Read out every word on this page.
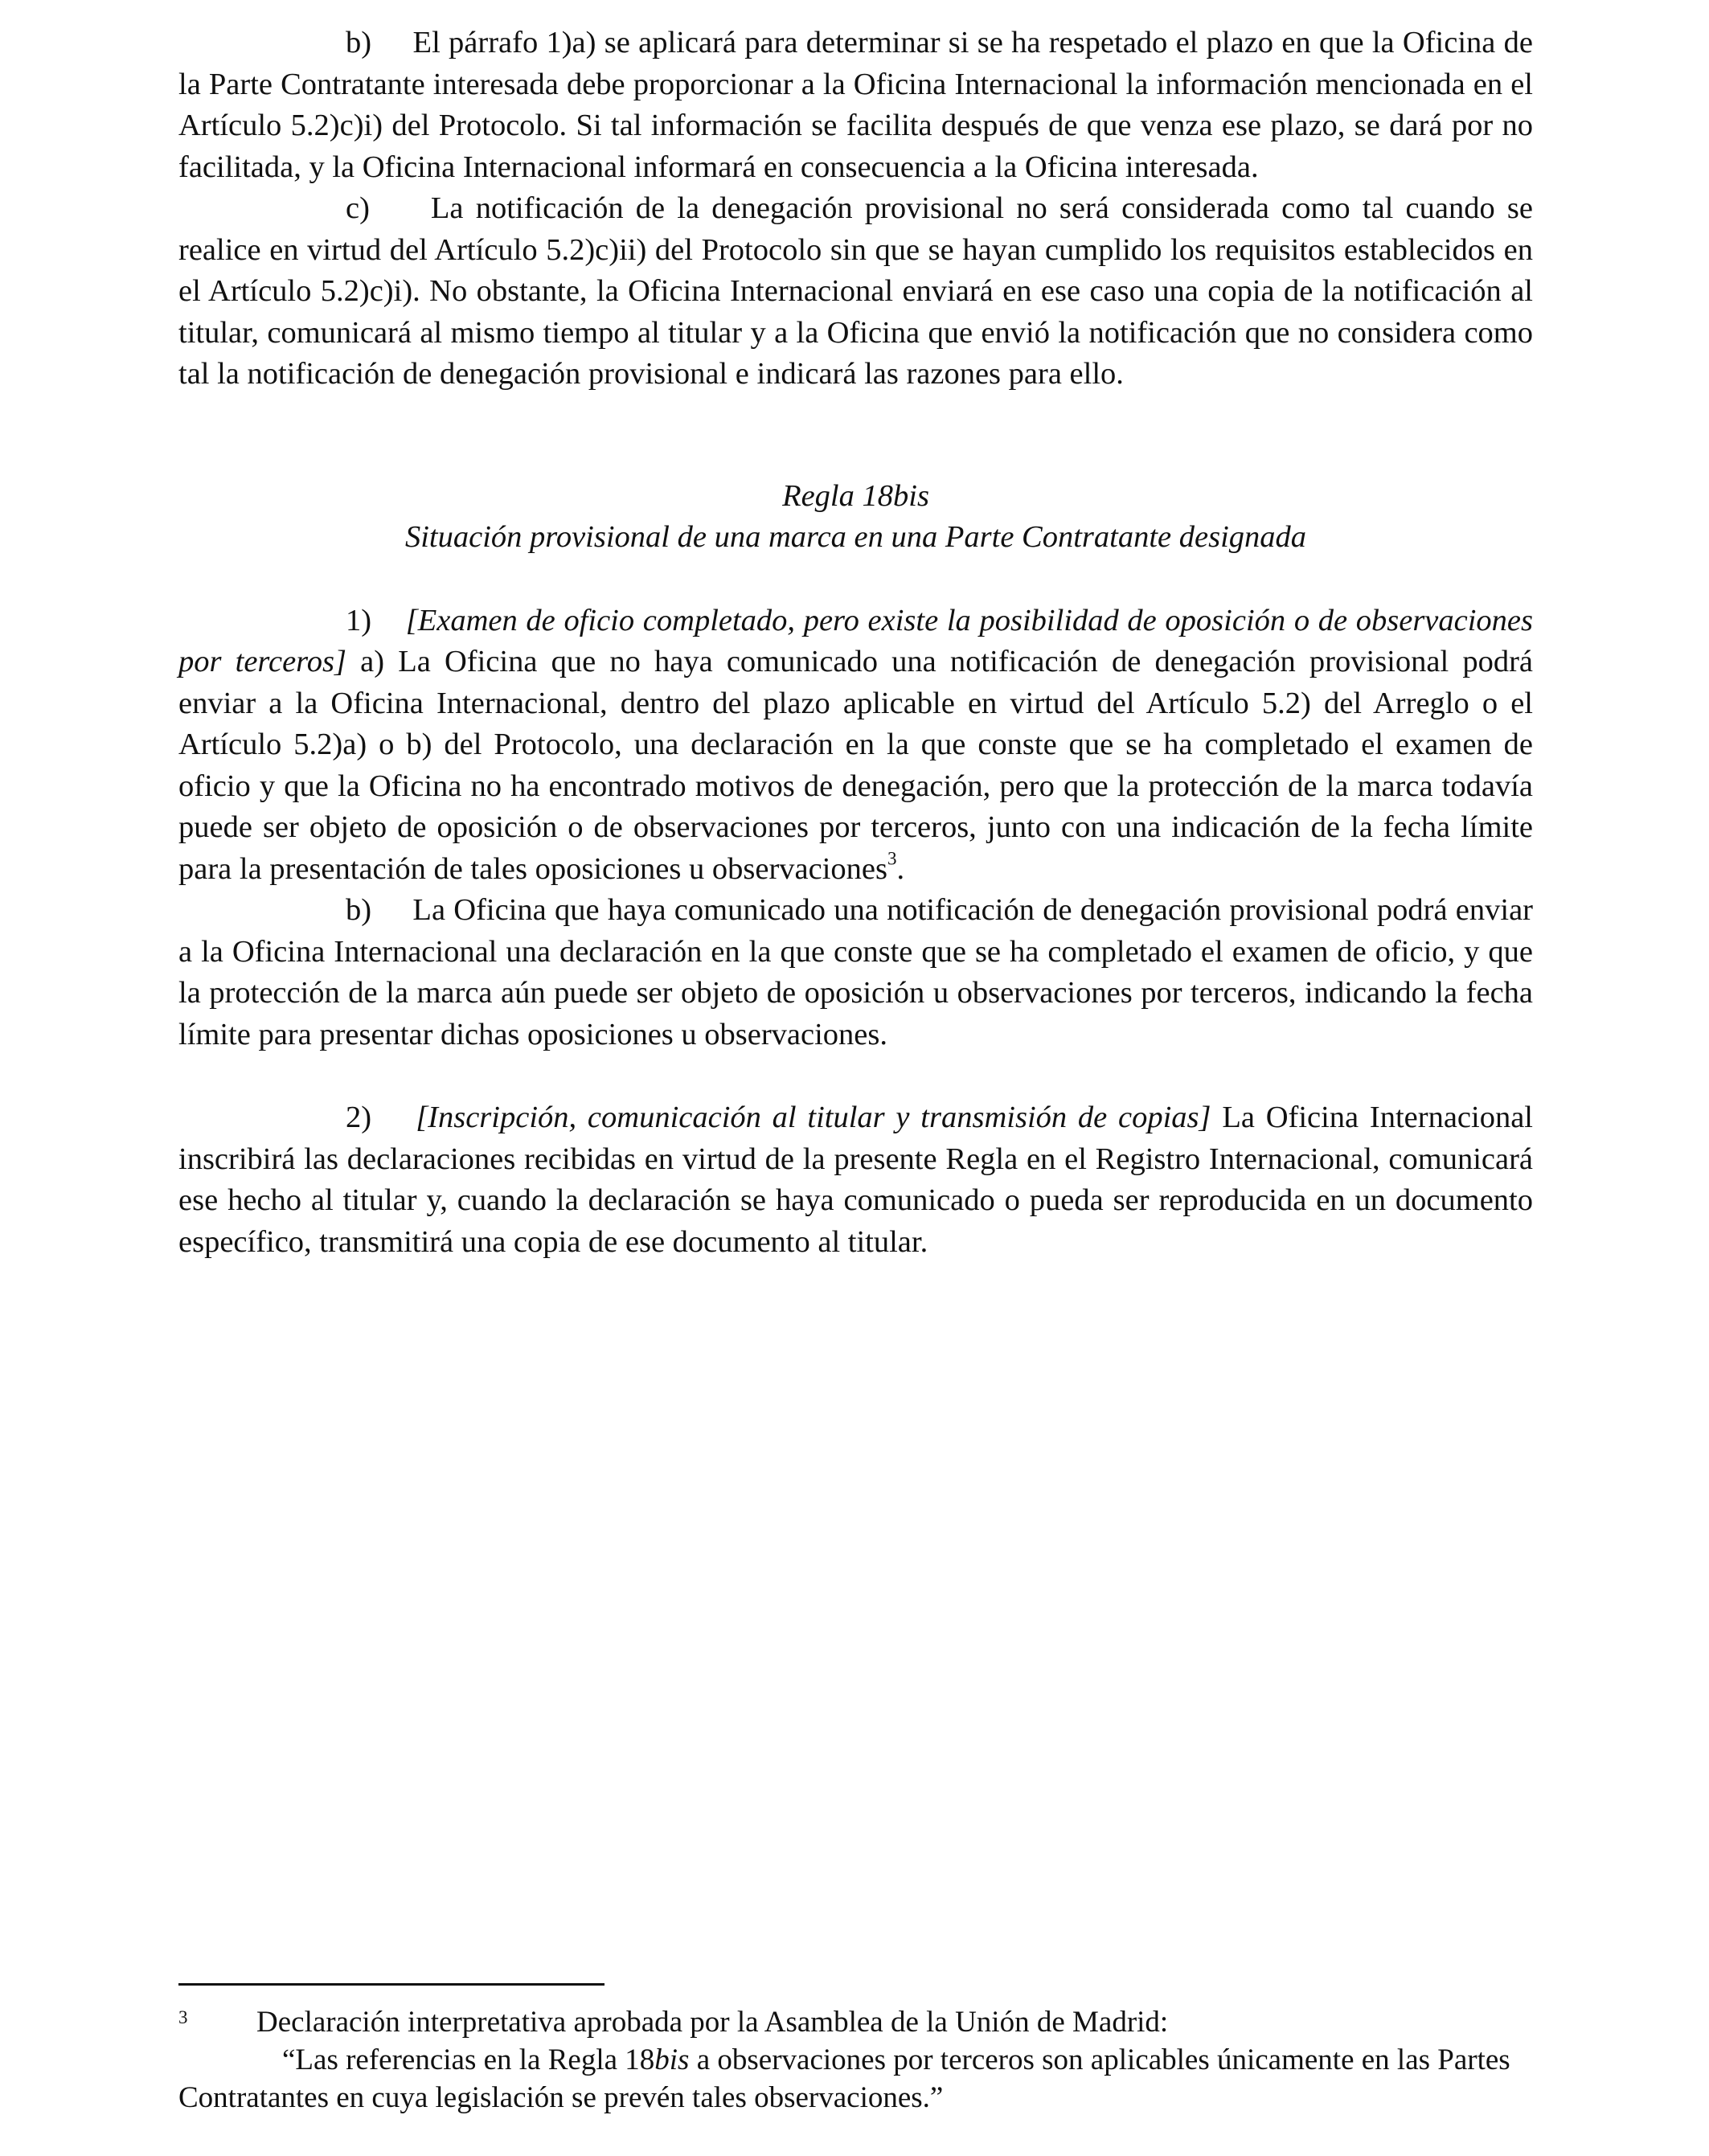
b) El párrafo 1)a) se aplicará para determinar si se ha respetado el plazo en que la Oficina de la Parte Contratante interesada debe proporcionar a la Oficina Internacional la información mencionada en el Artículo 5.2)c)i) del Protocolo. Si tal información se facilita después de que venza ese plazo, se dará por no facilitada, y la Oficina Internacional informará en consecuencia a la Oficina interesada.

c) La notificación de la denegación provisional no será considerada como tal cuando se realice en virtud del Artículo 5.2)c)ii) del Protocolo sin que se hayan cumplido los requisitos establecidos en el Artículo 5.2)c)i). No obstante, la Oficina Internacional enviará en ese caso una copia de la notificación al titular, comunicará al mismo tiempo al titular y a la Oficina que envió la notificación que no considera como tal la notificación de denegación provisional e indicará las razones para ello.

Regla 18bis

Situación provisional de una marca en una Parte Contratante designada

1) [Examen de oficio completado, pero existe la posibilidad de oposición o de observaciones por terceros] a) La Oficina que no haya comunicado una notificación de denegación provisional podrá enviar a la Oficina Internacional, dentro del plazo aplicable en virtud del Artículo 5.2) del Arreglo o el Artículo 5.2)a) o b) del Protocolo, una declaración en la que conste que se ha completado el examen de oficio y que la Oficina no ha encontrado motivos de denegación, pero que la protección de la marca todavía puede ser objeto de oposición o de observaciones por terceros, junto con una indicación de la fecha límite para la presentación de tales oposiciones u observaciones$^3$.

b) La Oficina que haya comunicado una notificación de denegación provisional podrá enviar a la Oficina Internacional una declaración en la que conste que se ha completado el examen de oficio, y que la protección de la marca aún puede ser objeto de oposición u observaciones por terceros, indicando la fecha límite para presentar dichas oposiciones u observaciones.

2) [Inscripción, comunicación al titular y transmisión de copias] La Oficina Internacional inscribirá las declaraciones recibidas en virtud de la presente Regla en el Registro Internacional, comunicará ese hecho al titular y, cuando la declaración se haya comunicado o pueda ser reproducida en un documento específico, transmitirá una copia de ese documento al titular.

3	Declaración interpretativa aprobada por la Asamblea de la Unión de Madrid:

“Las referencias en la Regla 18bis a observaciones por terceros son aplicables únicamente en las Partes Contratantes en cuya legislación se prevén tales observaciones.”
